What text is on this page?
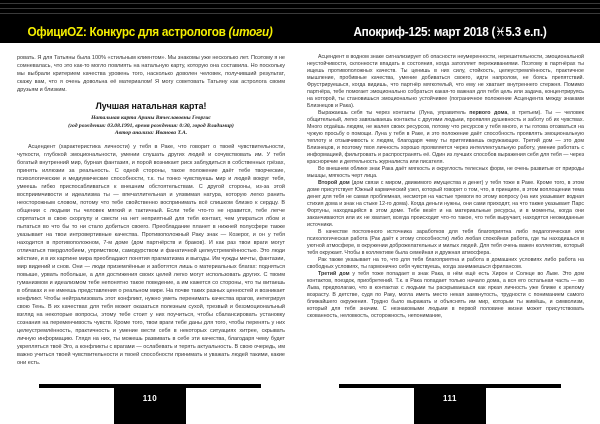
ОфициOZ: Конкурс для астрологов (итоги)	Апокриф-125: март 2018 (♓5.3 е.п.)

ровать. Я для Татьяны была 100% «стильным клиентом». Мы знакомы уже несколько лет. Поэтому я не сомневалась, что это как-то могло повлиять на натальную карту, которую она составила. Но поскольку мы выбрали критерием качества уровень того, насколько доволен человек, получивший результат, скажу вам, что я очень довольна её материалом! Я могу советовать Татьяну как астролога своим друзьям и близким.

Лучшая натальная карта!
Натальная карта Арины Вячеславовны Георгис
(год рождения: 03.08.1991, время рождения: 0:30, город Владимир)
Автор анализа: Иванова Т.А.

Асцендент (характеристика личности) у тебя в Раке, что говорит о твоей чувствительности, чуткости, глубокой эмоциональности, умении слушать других людей и сочувствовать им. У тебя богатый внутренний мир, бурная фантазия, и порой возникает риск заблудиться в собственных грёзах, принять иллюзии за реальность. С одной стороны, такое положение даёт тебе творческие, психологические и медиумические способности, т.к. ты тонко чувствуешь мир и людей вокруг тебя, умеешь гибко приспосабливаться к внешним обстоятельствам. С другой стороны, из-за этой восприимчивости и идеализма ты — впечатлительная и уязвимая натура, которую легко ранить неосторожным словом, потому что тебе свойственно воспринимать всё слишком близко к сердцу. В общении с людьми ты человек мягкий и тактичный. Если тебе что-то не нравится, тебе легче спрятаться в свою скорлупу и свести на нет неприятный для тебя контакт, чем упираться лбом и пытаться во что бы то ни стало добиться своего. Преобладание планет в нижней полусфере также указывает на твои интровертивные качества. Противоположный Раку знак — Козерог, и он у тебя находится в противоположном, 7-м доме (дом партнёрств и браков). И как раз твои враги могут отличаться твердолобием, упрямством, самодурством и фанатичной целеустремлённостью. Это люди жёсткие, и в их картине мира преобладают понятия прагматизма и выгоды. Им чужды мечты, фантазии, мир видений и снов. Они — люди приземлённые и заботятся лишь о материальных благах: подняться повыше, урвать побольше, а для достижения своих целей легко могут использовать других. С твоим гуманизмом и идеализмом тебе непонятно такое поведение, а им кажется со стороны, что ты витаешь в облаках и не имеешь представления о реальном мире. На почве таких разных ценностей и возникает конфликт. Чтобы нейтрализовать этот конфликт, нужно уметь перенимать качества врагов, интегрируя свою Тень. В их качествах для тебя может оказаться полезным сухой, трезвый и безэмоциональный взгляд на некоторые вопросы, этому тебе стоит у них поучиться, чтобы сбалансировать установку сознания на переменчивость чувств. Кроме того, твои враги тебе даны для того, чтобы перенять у них целеустремлённость, практичность и умение вести себя в некоторых ситуациях хитрее, скрывать личную информацию. Глядя на них, ты можешь развивать в себе эти качества, благодаря чему будет укрепляться твоё Эго, а конфликты с врагами — ослабевать и терять актуальность. В свою очередь, им важно учиться твоей чувствительности и твоей способности принимать и уважать людей такими, какие они есть.

Асцендент в водном знаке сигнализирует об опасности неумеренности, нерешительности, эмоциональной неустойчивости, склонности впадать в состояния, когда затопляет переживаниями. Поэтому в партнёрах ты ищешь противоположных качеств. Ты ценишь в них силу, стойкость, целеустремлённость, практичное мышление, пробивные качества, умение добиваться своего, идти напролом, не боясь препятствий. Фрустрируешься, когда видишь, что партнёр мягкотелый, что ему не хватает внутреннего стержня. Помимо партнёра, тебе помогает эмоционально собраться какая-то важная для тебя цель или задача, концентрируясь на которой, ты становишься эмоционально устойчивее (пограничное положение Асцендента между знаками Близнецов и Рака).

Выражаешь себя ты через контакты (Луна, управитель первого дома, в третьем). Ты — человек общительный, легко завязываешь контакты с другими людьми, проявляя душевность и заботу об их чувствах. Много отдаёшь людям, не жалея своих ресурсов, потому что ресурсов у тебя много, и ты готова отозваться на чужую просьбу о помощи. Луна у тебя в Раке, и это положение даёт способность проявлять эмоциональную теплоту и отзывчивость к людям, благодаря чему ты притягиваешь окружающих. Третий дом — это дом Близнецов, и поэтому твоя личность хорошо проявляется через интеллектуальную работу, умение работать с информацией, фильтровать и распространять её. Один из лучших способов выражения себя для тебя — через красноречие и деятельность журналиста или писателя.

Во внешнем облике знак Рака даёт мягкость и округлость телесных форм, не очень развитые от природы мышцы, мягкость черт лица.

Второй дом (дом связи с миром, движимого имущества и денег) у тебя тоже в Раке. Кроме того, в этом доме присутствует Южный кармический узел, который говорит о том, что, в принципе, в этом воплощении тема денег для тебя не самая проблемная, несмотря на частые тревоги по этому вопросу (на них указывает водная стихия дома и знак на стыке 12-го дома). Когда деньги нужны, они сами приходят, на что также указывает Парс Фортуны, находящийся в этом доме. Тебе везёт и на материальные ресурсы, и в моменты, когда они заканчиваются или их не хватает, всегда происходит что-то такое, что тебя выручает, находятся неожиданные источники.

В качестве постоянного источника заработков для тебя благоприятна либо педагогическая или психологическая работа (Рак даёт к этому способности) либо любая спокойная работа, где ты находишься в уютной атмосфере, в окружении доброжелательных и милых людей. Для тебя очень важен коллектив, который тебя окружает. Чтобы в коллективе была семейная и дружная атмосфера.

Рак также указывает на то, что для тебя благоприятна и работа в домашних условиях либо работа на свободных условиях, ты гармонично себя чувствуешь, когда занимаешься фрилансом.

Третий дом у тебя тоже попадает в знак Рака, в нём ещё есть Хирон и Солнце во Льве. Это дом контактов, поездок, приобретений. Т.к. в Рака попадает только начало дома, а вся его остальная часть — во Льва, предполагаю, что в контактах с людьми ты раскрываешься как яркая личность уже ближе к зрелому возрасту. В детстве, судя по Раку, могла иметь место некая замкнутость, трудности с пониманием самого ближайшего окружения. Трудно было выражать и объяснять им мир, которым ты живёшь, и символизм, который для тебя значим. С незнакомыми людьми в первой половине жизни может присутствовать скованность, неловкость, осторожность, непонимание,

110	111
